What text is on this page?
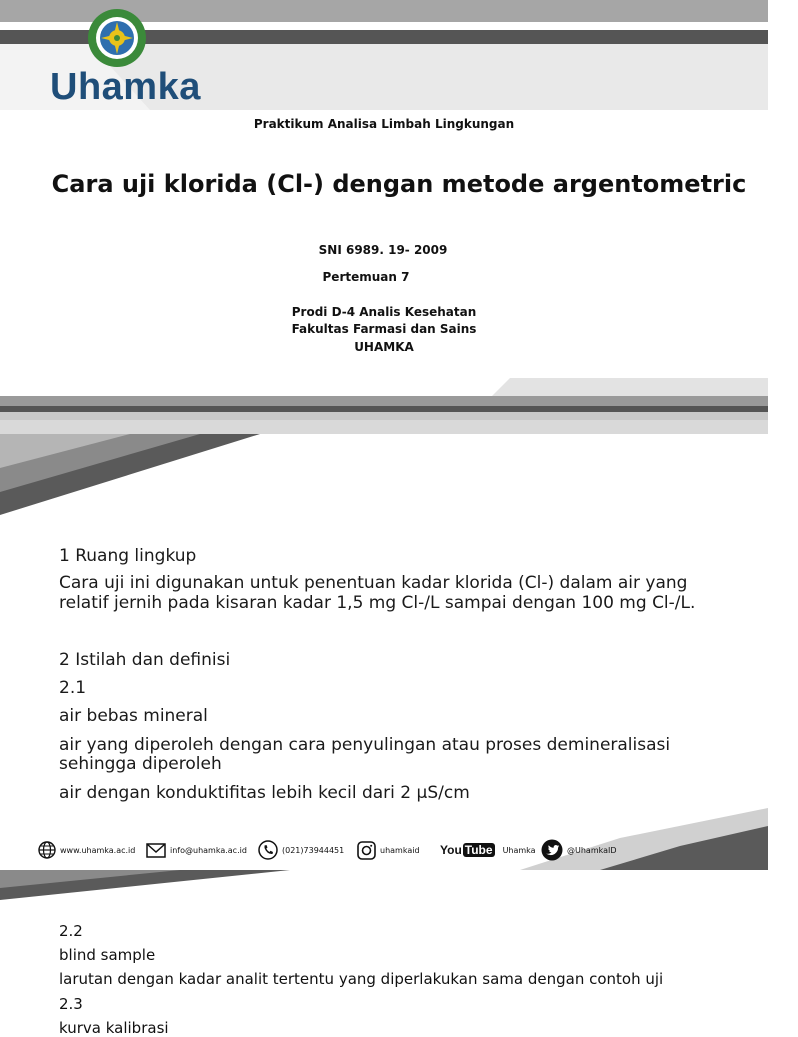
Uhamka
Praktikum Analisa Limbah Lingkungan
Cara uji klorida (Cl-) dengan metode argentometric
SNI 6989. 19- 2009
Pertemuan 7
Prodi D-4 Analis Kesehatan
Fakultas Farmasi dan Sains
UHAMKA
1 Ruang lingkup
Cara uji ini digunakan untuk penentuan kadar klorida (Cl-) dalam air yang
relatif jernih pada kisaran kadar 1,5 mg Cl-/L sampai dengan 100 mg Cl-/L.
2 Istilah dan definisi
2.1
air bebas mineral
air yang diperoleh dengan cara penyulingan atau proses demineralisasi
sehingga diperoleh
air dengan konduktifitas lebih kecil dari 2 µS/cm
www.uhamka.ac.id	info@uhamka.ac.id	(021)73944451	uhamkaid You Tube Uhamka	@UhamkaID
2.2
blind sample
larutan dengan kadar analit tertentu yang diperlakukan sama dengan contoh uji
2.3
kurva kalibrasi
